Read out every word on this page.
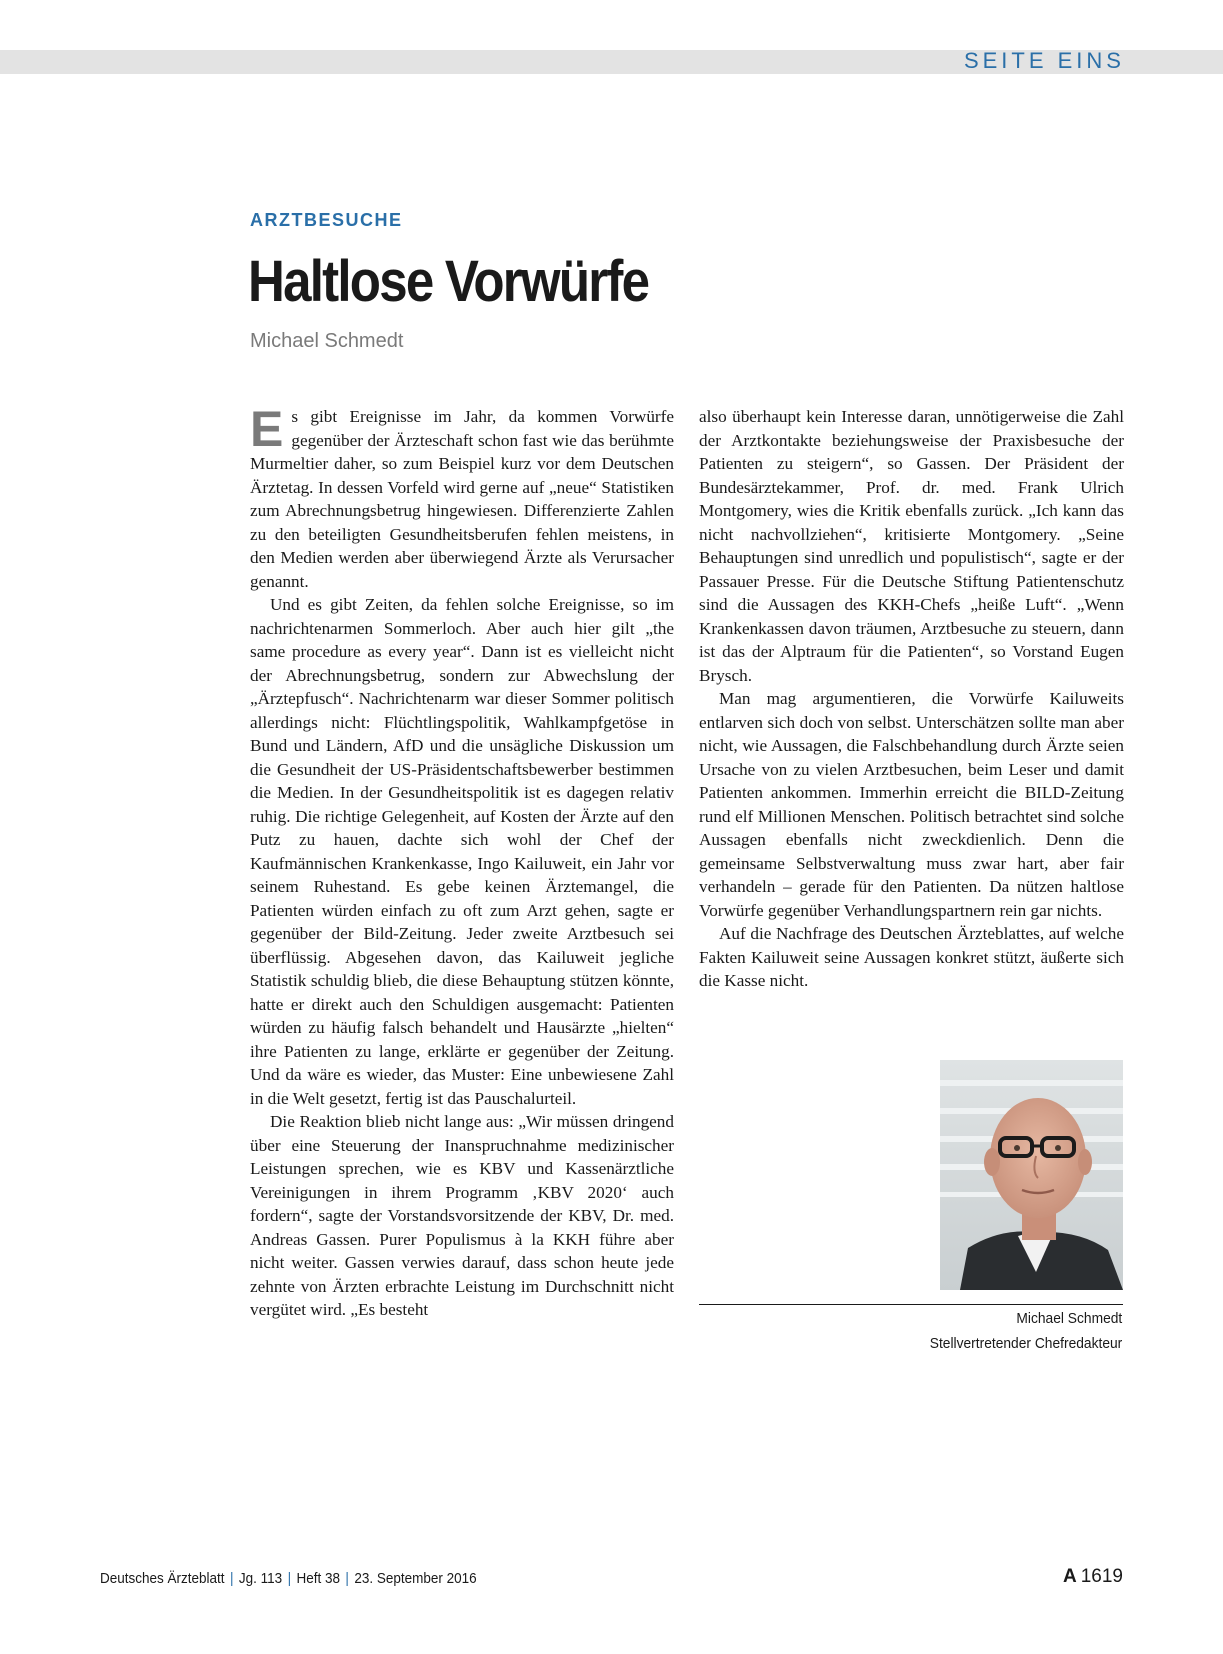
SEITE EINS
ARZTBESUCHE
Haltlose Vorwürfe
Michael Schmedt

Es gibt Ereignisse im Jahr, da kommen Vorwürfe gegenüber der Ärzteschaft schon fast wie das berühmte Murmeltier daher, so zum Beispiel kurz vor dem Deutschen Ärztetag. In dessen Vorfeld wird gerne auf „neue“ Statistiken zum Abrechnungsbetrug hingewiesen. Differenzierte Zahlen zu den beteiligten Gesundheitsberufen fehlen meistens, in den Medien werden aber überwiegend Ärzte als Verursacher genannt.

Und es gibt Zeiten, da fehlen solche Ereignisse, so im nachrichtenarmen Sommerloch. Aber auch hier gilt „the same procedure as every year“. Dann ist es vielleicht nicht der Abrechnungsbetrug, sondern zur Abwechslung der „Ärztepfusch“. Nachrichtenarm war dieser Sommer politisch allerdings nicht: Flüchtlingspolitik, Wahlkampfgetöse in Bund und Ländern, AfD und die unsägliche Diskussion um die Gesundheit der US-Präsidentschaftsbewerber bestimmen die Medien. In der Gesundheitspolitik ist es dagegen relativ ruhig. Die richtige Gelegenheit, auf Kosten der Ärzte auf den Putz zu hauen, dachte sich wohl der Chef der Kaufmännischen Krankenkasse, Ingo Kailuweit, ein Jahr vor seinem Ruhestand. Es gebe keinen Ärztemangel, die Patienten würden einfach zu oft zum Arzt gehen, sagte er gegenüber der Bild-Zeitung. Jeder zweite Arztbesuch sei überflüssig. Abgesehen davon, das Kailuweit jegliche Statistik schuldig blieb, die diese Behauptung stützen könnte, hatte er direkt auch den Schuldigen ausgemacht: Patienten würden zu häufig falsch behandelt und Hausärzte „hielten“ ihre Patienten zu lange, erklärte er gegenüber der Zeitung. Und da wäre es wieder, das Muster: Eine unbewiesene Zahl in die Welt gesetzt, fertig ist das Pauschalurteil.

Die Reaktion blieb nicht lange aus: „Wir müssen dringend über eine Steuerung der Inanspruchnahme medizinischer Leistungen sprechen, wie es KBV und Kassenärztliche Vereinigungen in ihrem Programm ‚KBV 2020‘ auch fordern“, sagte der Vorstandsvorsitzende der KBV, Dr. med. Andreas Gassen. Purer Populismus à la KKH führe aber nicht weiter. Gassen verwies darauf, dass schon heute jede zehnte von Ärzten erbrachte Leistung im Durchschnitt nicht vergütet wird. „Es besteht

also überhaupt kein Interesse daran, unnötigerweise die Zahl der Arztkontakte beziehungsweise der Praxisbesuche der Patienten zu steigern“, so Gassen. Der Präsident der Bundesärztekammer, Prof. dr. med. Frank Ulrich Montgomery, wies die Kritik ebenfalls zurück. „Ich kann das nicht nachvollziehen“, kritisierte Montgomery. „Seine Behauptungen sind unredlich und populistisch“, sagte er der Passauer Presse. Für die Deutsche Stiftung Patientenschutz sind die Aussagen des KKH-Chefs „heiße Luft“. „Wenn Krankenkassen davon träumen, Arztbesuche zu steuern, dann ist das der Alptraum für die Patienten“, so Vorstand Eugen Brysch.

Man mag argumentieren, die Vorwürfe Kailuweits entlarven sich doch von selbst. Unterschätzen sollte man aber nicht, wie Aussagen, die Falschbehandlung durch Ärzte seien Ursache von zu vielen Arztbesuchen, beim Leser und damit Patienten ankommen. Immerhin erreicht die BILD-Zeitung rund elf Millionen Menschen. Politisch betrachtet sind solche Aussagen ebenfalls nicht zweckdienlich. Denn die gemeinsame Selbstverwaltung muss zwar hart, aber fair verhandeln – gerade für den Patienten. Da nützen haltlose Vorwürfe gegenüber Verhandlungspartnern rein gar nichts.

Auf die Nachfrage des Deutschen Ärzteblattes, auf welche Fakten Kailuweit seine Aussagen konkret stützt, äußerte sich die Kasse nicht.

Michael Schmedt
Stellvertretender Chefredakteur
Deutsches Ärzteblatt | Jg. 113 | Heft 38 | 23. September 2016	A 1619
